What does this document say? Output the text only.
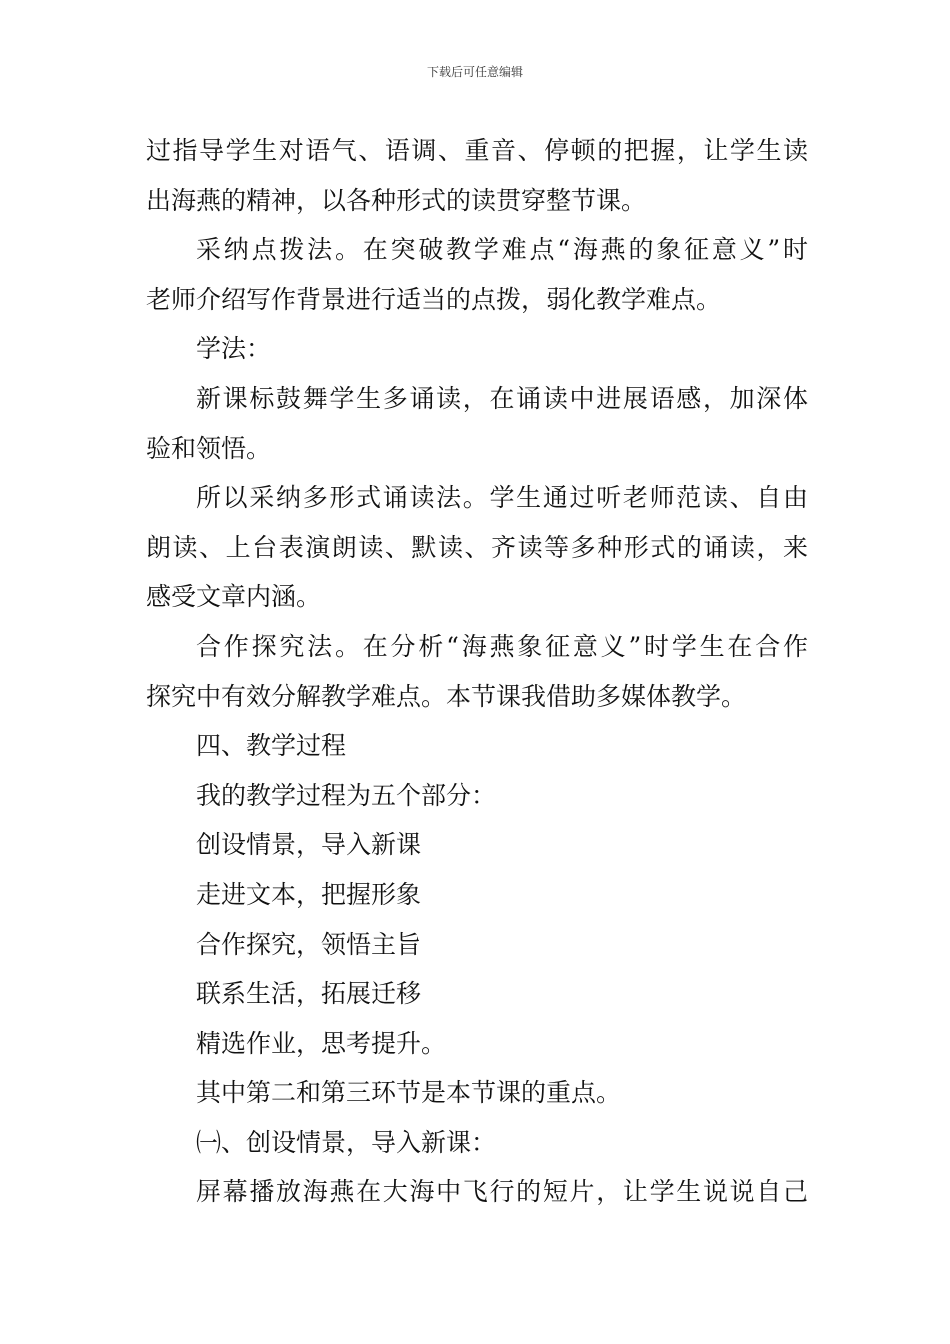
下载后可任意编辑
过指导学生对语气、语调、重音、停顿的把握，让学生读
出海燕的精神，以各种形式的读贯穿整节课。
采纳点拨法。在突破教学难点“海燕的象征意义”时
老师介绍写作背景进行适当的点拨，弱化教学难点。
学法：
新课标鼓舞学生多诵读，在诵读中进展语感，加深体
验和领悟。
所以采纳多形式诵读法。学生通过听老师范读、自由
朗读、上台表演朗读、默读、齐读等多种形式的诵读，来
感受文章内涵。
合作探究法。在分析“海燕象征意义”时学生在合作
探究中有效分解教学难点。本节课我借助多媒体教学。
四、教学过程
我的教学过程为五个部分：
创设情景，导入新课
走进文本，把握形象
合作探究，领悟主旨
联系生活，拓展迁移
精选作业，思考提升。
其中第二和第三环节是本节课的重点。
㈠、创设情景，导入新课：
屏幕播放海燕在大海中飞行的短片，让学生说说自己
